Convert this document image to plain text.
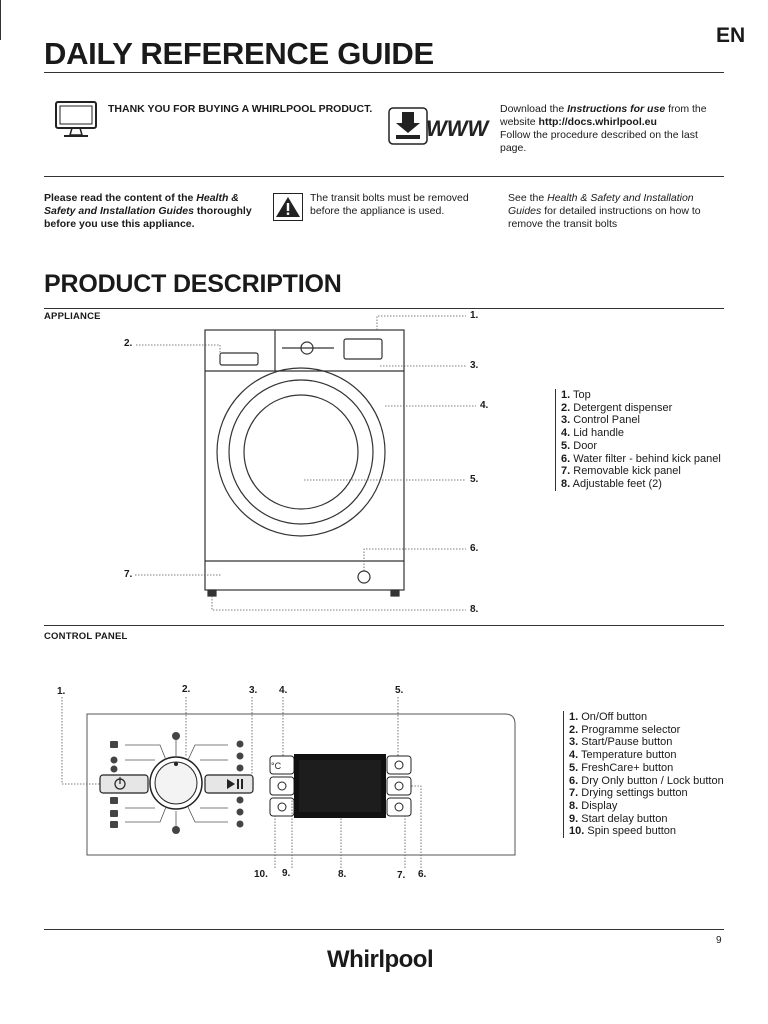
EN
DAILY REFERENCE GUIDE
THANK YOU FOR BUYING A WHIRLPOOL PRODUCT.
WWW
Download the Instructions for use from the website http://docs.whirlpool.eu
Follow the procedure described on the last page.
Please read the content of the Health & Safety and Installation Guides thoroughly before you use this appliance.
The transit bolts must be removed before the appliance is used.
See the Health & Safety and Installation Guides for detailed instructions on how to remove the transit bolts
PRODUCT DESCRIPTION
APPLIANCE	1.
2.
3.
4.
5.
6.
7.
8.
1. Top
2. Detergent dispenser
3. Control Panel
4. Lid handle
5. Door
6. Water filter - behind kick panel
7. Removable kick panel
8. Adjustable feet (2)
CONTROL PANEL
°C
1.	2.	3. 4.	5.
10. 9.	8.	7. 6.
1. On/Off button
2. Programme selector
3. Start/Pause button
4. Temperature button
5. FreshCare+ button
6. Dry Only button / Lock button
7. Drying settings button
8. Display
9. Start delay button
10. Spin speed button
9
Whirlpool
